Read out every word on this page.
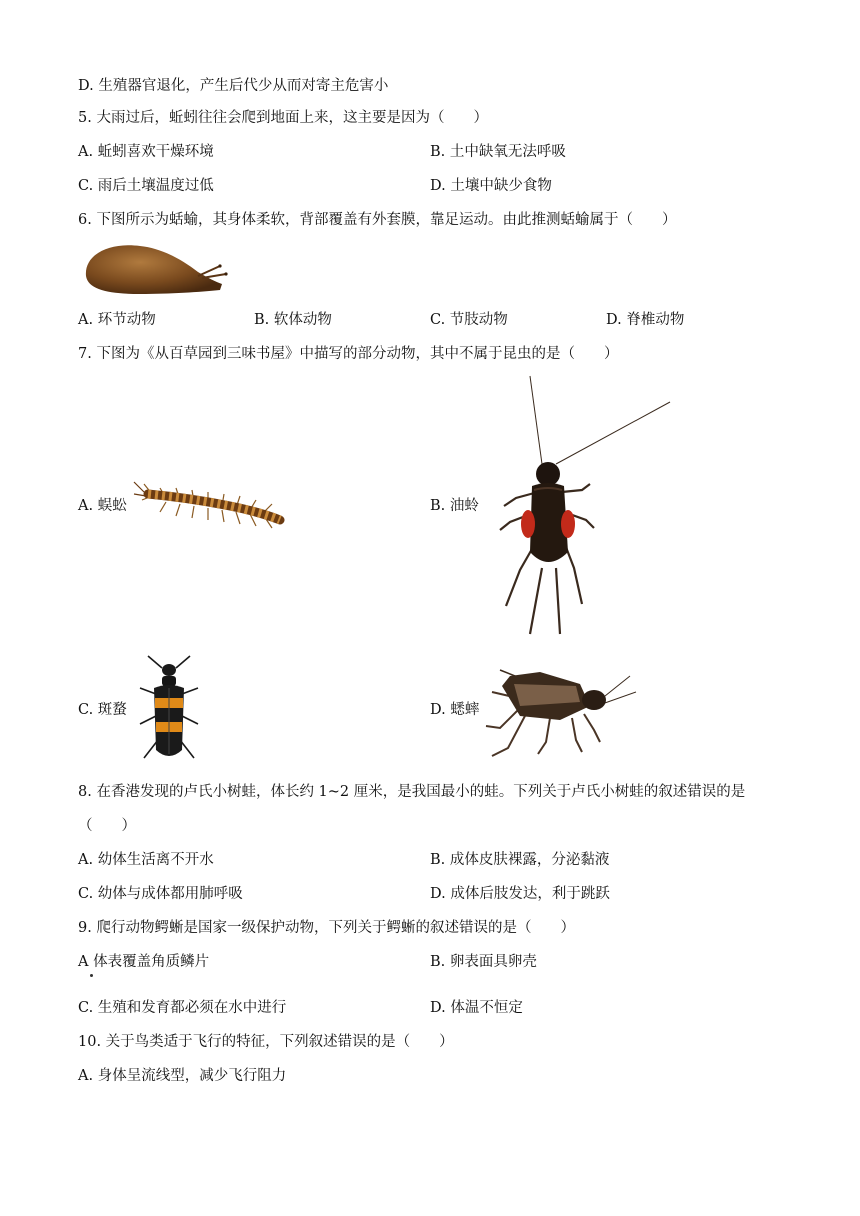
D. 生殖器官退化，产生后代少从而对寄主危害小
5. 大雨过后，蚯蚓往往会爬到地面上来，这主要是因为（　　）
A. 蚯蚓喜欢干燥环境	B. 土中缺氧无法呼吸
C. 雨后土壤温度过低	D. 土壤中缺少食物
6. 下图所示为蛞蝓，其身体柔软，背部覆盖有外套膜，靠足运动。由此推测蛞蝓属于（　　）
A. 环节动物	B. 软体动物	C. 节肢动物	D. 脊椎动物
7. 下图为《从百草园到三味书屋》中描写的部分动物，其中不属于昆虫的是（　　）
A. 蜈蚣	B. 油蛉
C. 斑蝥	D. 蟋蟀
8. 在香港发现的卢氏小树蛙，体长约 1~2 厘米，是我国最小的蛙。下列关于卢氏小树蛙的叙述错误的是
（　　）
A. 幼体生活离不开水	B. 成体皮肤裸露，分泌黏液
C. 幼体与成体都用肺呼吸	D. 成体后肢发达，利于跳跃
9. 爬行动物鳄蜥是国家一级保护动物，下列关于鳄蜥的叙述错误的是（　　）
A 体表覆盖角质鳞片	B. 卵表面具卵壳
C. 生殖和发育都必须在水中进行	D. 体温不恒定
10. 关于鸟类适于飞行的特征，下列叙述错误的是（　　）
A. 身体呈流线型，减少飞行阻力
